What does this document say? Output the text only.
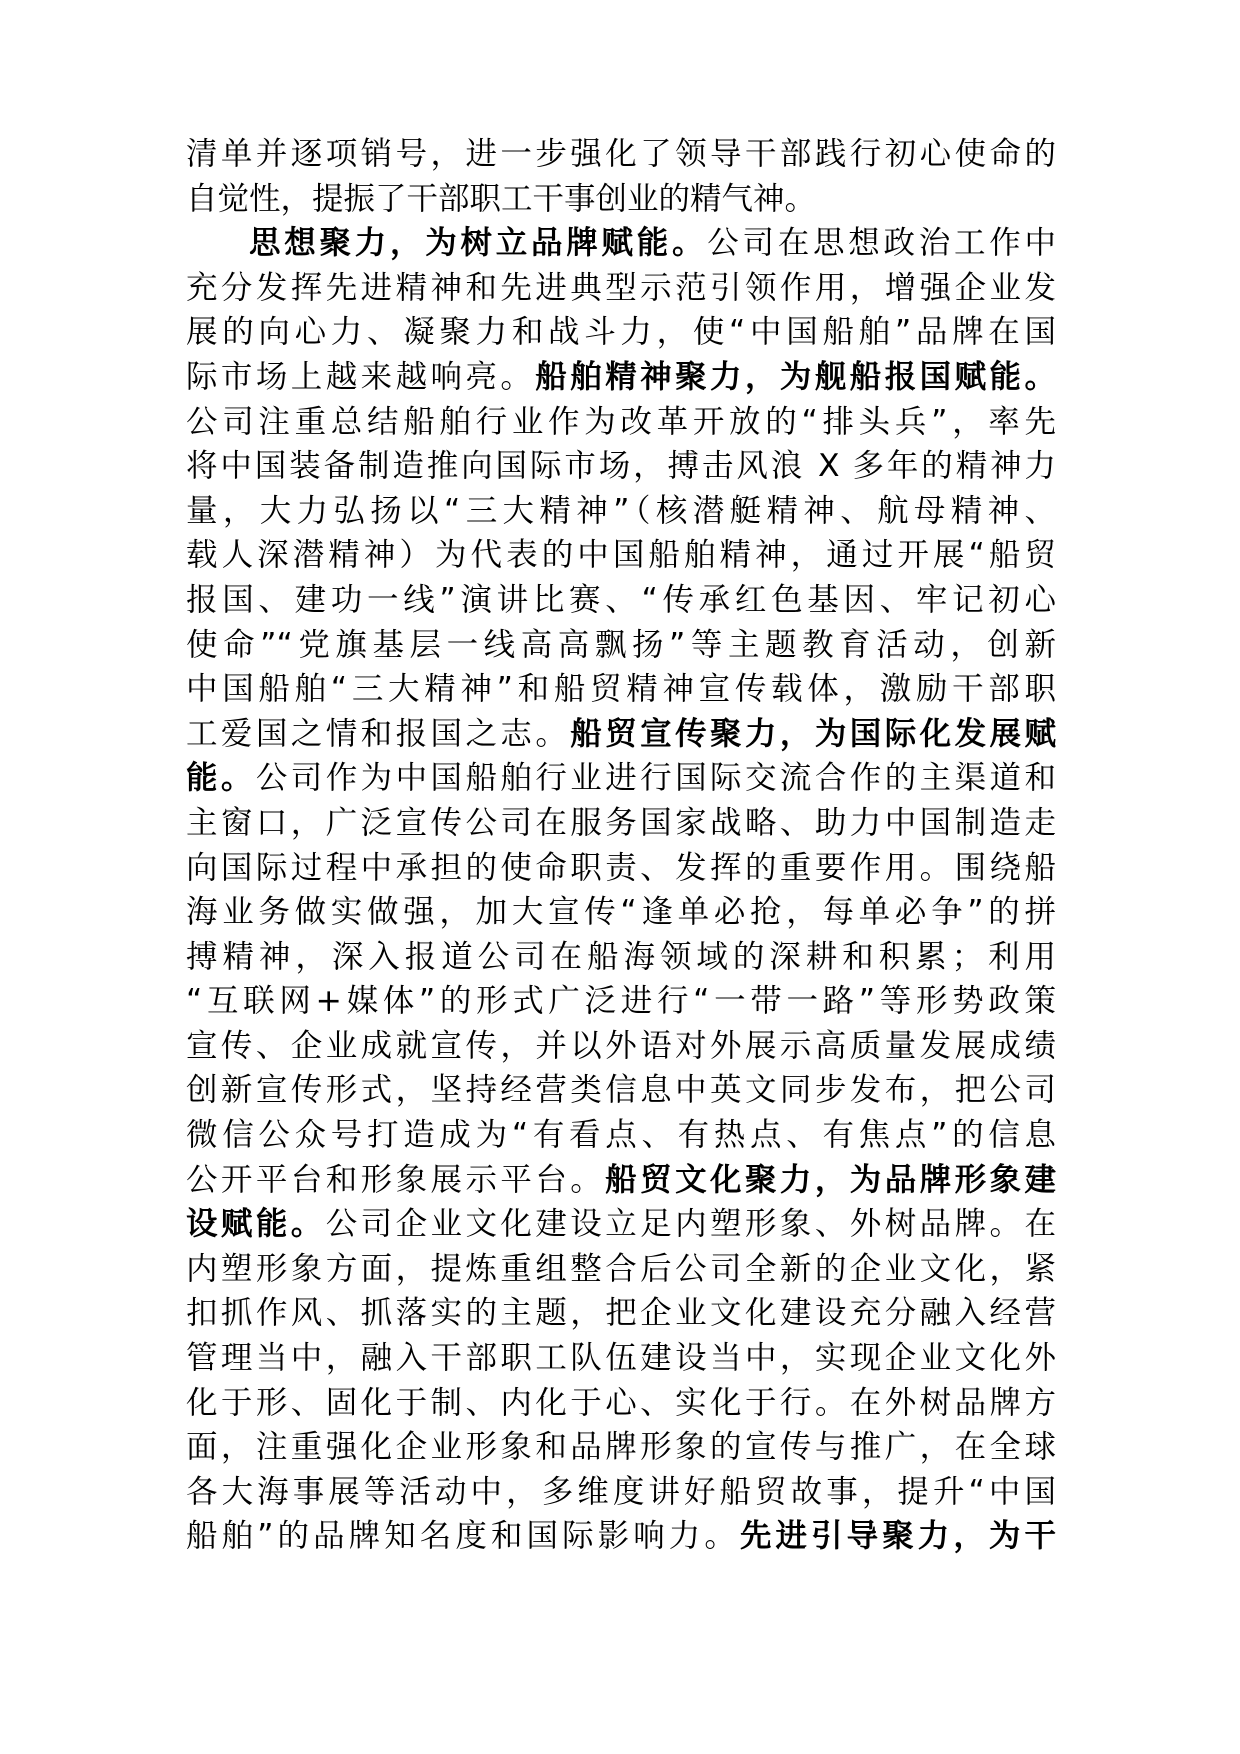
清单并逐项销号，进一步强化了领导干部践行初心使命的
自觉性，提振了干部职工干事创业的精气神。
思想聚力，为树立品牌赋能。公司在思想政治工作中
充分发挥先进精神和先进典型示范引领作用，增强企业发
展的向心力、凝聚力和战斗力，使“中国船舶”品牌在国
际市场上越来越响亮。船舶精神聚力，为舰船报国赋能。
公司注重总结船舶行业作为改革开放的“排头兵”，率先
将中国装备制造推向国际市场，搏击风浪 X 多年的精神力
量，大力弘扬以“三大精神”（核潜艇精神、航母精神、
载人深潜精神）为代表的中国船舶精神，通过开展“船贸
报国、建功一线”演讲比赛、“传承红色基因、牢记初心
使命”“党旗基层一线高高飘扬”等主题教育活动，创新
中国船舶“三大精神”和船贸精神宣传载体，激励干部职
工爱国之情和报国之志。船贸宣传聚力，为国际化发展赋
能。公司作为中国船舶行业进行国际交流合作的主渠道和
主窗口，广泛宣传公司在服务国家战略、助力中国制造走
向国际过程中承担的使命职责、发挥的重要作用。围绕船
海业务做实做强，加大宣传“逢单必抢，每单必争”的拼
搏精神，深入报道公司在船海领域的深耕和积累；利用
“互联网+媒体”的形式广泛进行“一带一路”等形势政策
宣传、企业成就宣传，并以外语对外展示高质量发展成绩
创新宣传形式，坚持经营类信息中英文同步发布，把公司
微信公众号打造成为“有看点、有热点、有焦点”的信息
公开平台和形象展示平台。船贸文化聚力，为品牌形象建
设赋能。公司企业文化建设立足内塑形象、外树品牌。在
内塑形象方面，提炼重组整合后公司全新的企业文化，紧
扣抓作风、抓落实的主题，把企业文化建设充分融入经营
管理当中，融入干部职工队伍建设当中，实现企业文化外
化于形、固化于制、内化于心、实化于行。在外树品牌方
面，注重强化企业形象和品牌形象的宣传与推广，在全球
各大海事展等活动中，多维度讲好船贸故事，提升“中国
船舶”的品牌知名度和国际影响力。先进引导聚力，为干
